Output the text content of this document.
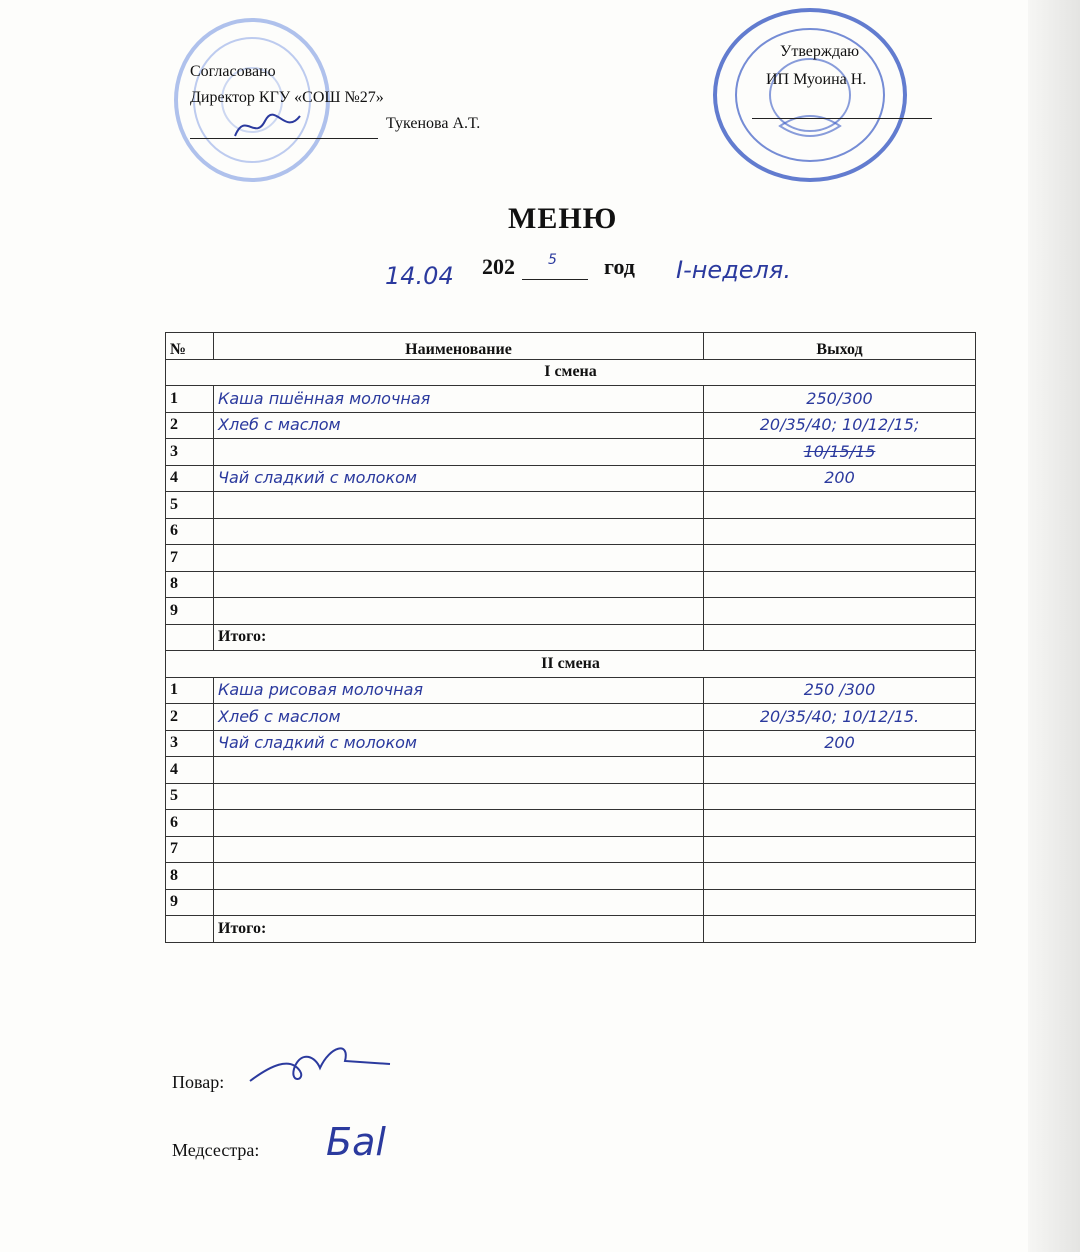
Согласовано
Директор КГУ «СОШ №27»
Тукенова А.Т.
Утверждаю
ИП Муоина Н.
МЕНЮ
14.04 202 5 год I-неделя.
№	Наименование	Выход
I смена		
1	Каша пшённая молочная	250/300
2	Хлеб с маслом	20/35/40; 10/12/15;
3		10/15/15
4	Чай сладкий с молоком	200
5		
6		
7		
8		
9		
	Итого:	
II смена		
1	Каша рисовая молочная	250 /300
2	Хлеб с маслом	20/35/40; 10/12/15.
3	Чай сладкий с молоком	200
4		
5		
6		
7		
8		
9		
	Итого:	
Повар:
Медсестра: Баl
